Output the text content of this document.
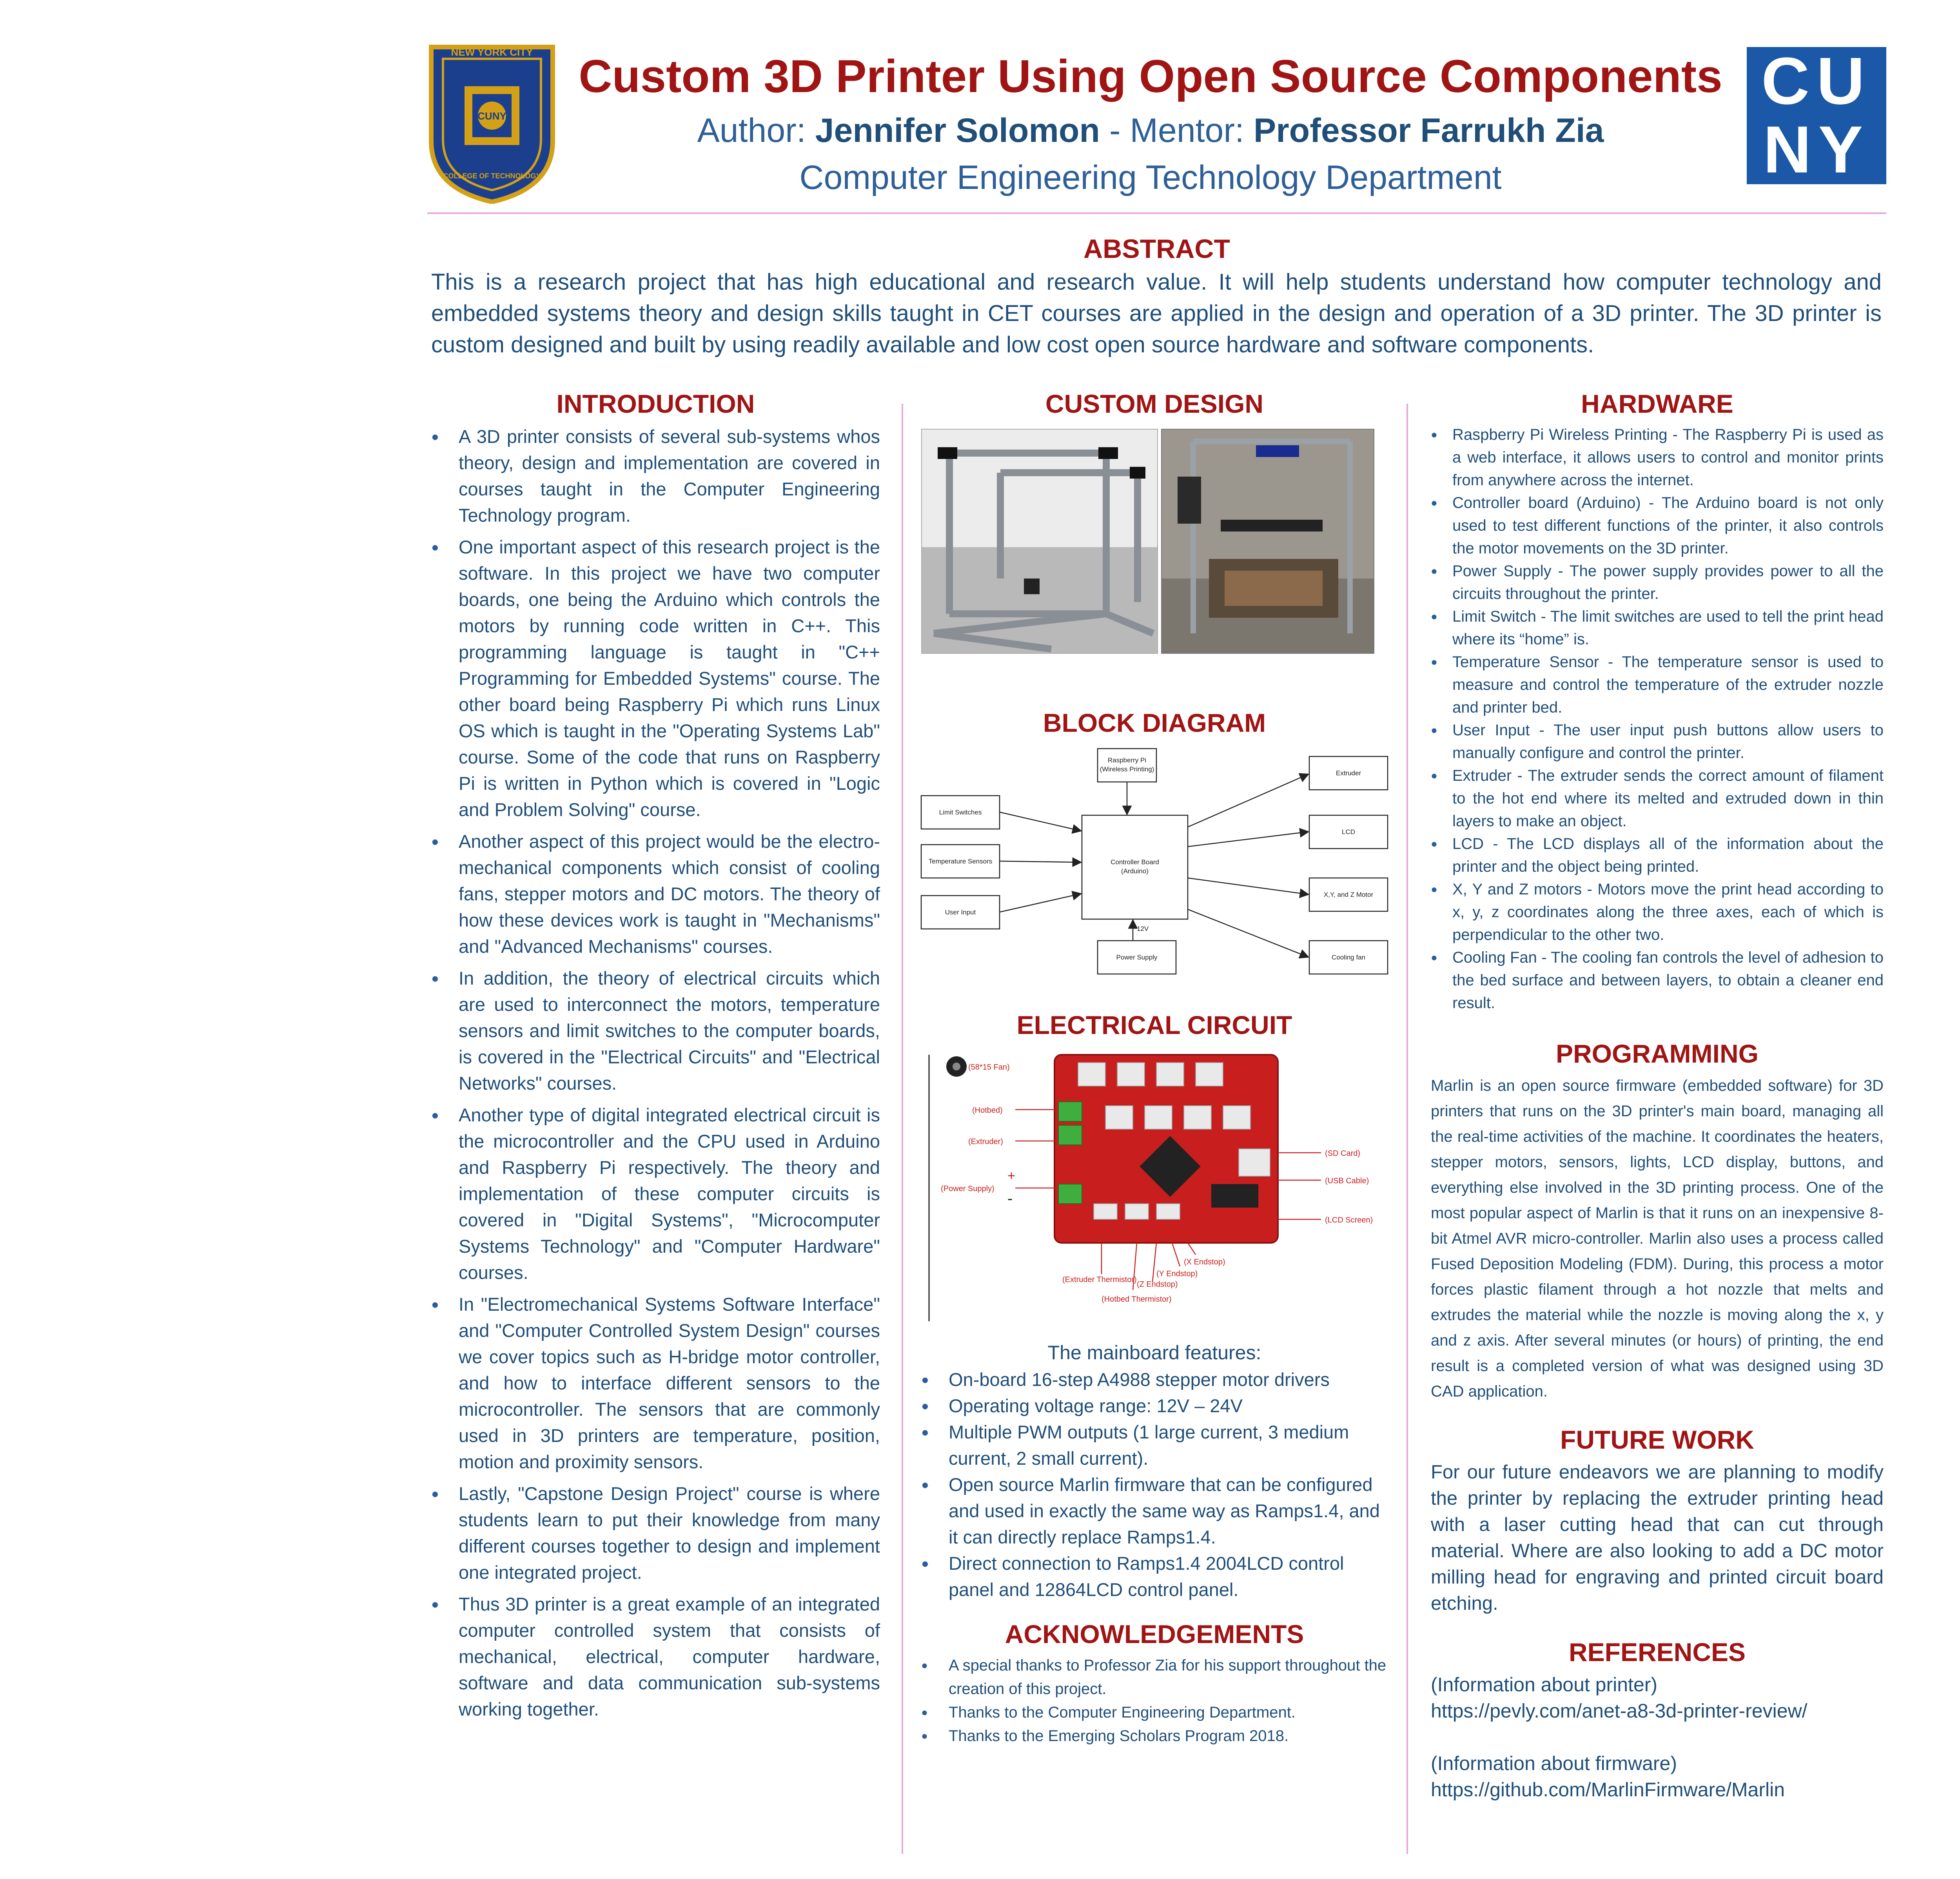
CUNY
NEW YORK CITY
COLLEGE OF TECHNOLOGY
CU
NY
Custom 3D Printer Using Open Source Components
Author: Jennifer Solomon - Mentor: Professor Farrukh Zia
Computer Engineering Technology Department
ABSTRACT
This is a research project that has high educational and research value. It will help students understand how computer technology and embedded systems theory and design skills taught in CET courses are applied in the design and operation of a 3D printer. The 3D printer is custom designed and built by using readily available and low cost open source hardware and software components.
INTRODUCTION
● A 3D printer consists of several sub-systems whos theory, design and implementation are covered in courses taught in the Computer Engineering Technology program.
● One important aspect of this research project is the software. In this project we have two computer boards, one being the Arduino which controls the motors by running code written in C++. This programming language is taught in "C++ Programming for Embedded Systems" course. The other board being Raspberry Pi which runs Linux OS which is taught in the "Operating Systems Lab" course. Some of the code that runs on Raspberry Pi is written in Python which is covered in "Logic and Problem Solving" course.
● Another aspect of this project would be the electro-mechanical components which consist of cooling fans, stepper motors and DC motors. The theory of how these devices work is taught in "Mechanisms" and "Advanced Mechanisms" courses.
● In addition, the theory of electrical circuits which are used to interconnect the motors, temperature sensors and limit switches to the computer boards, is covered in the "Electrical Circuits" and "Electrical Networks" courses.
● Another type of digital integrated electrical circuit is the microcontroller and the CPU used in Arduino and Raspberry Pi respectively. The theory and implementation of these computer circuits is covered in "Digital Systems", "Microcomputer Systems Technology" and "Computer Hardware" courses.
● In "Electromechanical Systems Software Interface" and "Computer Controlled System Design" courses we cover topics such as H-bridge motor controller, and how to interface different sensors to the microcontroller. The sensors that are commonly used in 3D printers are temperature, position, motion and proximity sensors.
● Lastly, "Capstone Design Project" course is where students learn to put their knowledge from many different courses together to design and implement one integrated project.
● Thus 3D printer is a great example of an integrated computer controlled system that consists of mechanical, electrical, computer hardware, software and data communication sub-systems working together.
CUSTOM DESIGN
BLOCK DIAGRAM
Raspberry Pi
(Wireless Printing)
Limit Switches
Temperature Sensors
User Input
Controller Board
(Arduino)
12V
Power Supply
Extruder
LCD
X,Y, and Z Motor
Cooling fan
ELECTRICAL CIRCUIT
(58*15 Fan)
(Hotbed)
(Extruder)
+
(Power Supply)
-
(SD Card)
(USB Cable)
(LCD Screen)
(Extruder Thermistor)
(X Endstop)
(Y Endstop)
(Z Endstop)
(Hotbed Thermistor)
The mainboard features:
● On-board 16-step A4988 stepper motor drivers
● Operating voltage range: 12V – 24V
● Multiple PWM outputs (1 large current, 3 medium current, 2 small current).
● Open source Marlin firmware that can be configured and used in exactly the same way as Ramps1.4, and it can directly replace Ramps1.4.
● Direct connection to Ramps1.4 2004LCD control panel and 12864LCD control panel.
ACKNOWLEDGEMENTS
● A special thanks to Professor Zia for his support throughout the creation of this project.
● Thanks to the Computer Engineering Department.
● Thanks to the Emerging Scholars Program 2018.
HARDWARE
● Raspberry Pi Wireless Printing - The Raspberry Pi is used as a web interface, it allows users to control and monitor prints from anywhere across the internet.
● Controller board (Arduino) - The Arduino board is not only used to test different functions of the printer, it also controls the motor movements on the 3D printer.
● Power Supply - The power supply provides power to all the circuits throughout the printer.
● Limit Switch - The limit switches are used to tell the print head where its “home” is.
● Temperature Sensor - The temperature sensor is used to measure and control the temperature of the extruder nozzle and printer bed.
● User Input - The user input push buttons allow users to manually configure and control the printer.
● Extruder - The extruder sends the correct amount of filament to the hot end where its melted and extruded down in thin layers to make an object.
● LCD - The LCD displays all of the information about the printer and the object being printed.
● X, Y and Z motors - Motors move the print head according to x, y, z coordinates along the three axes, each of which is perpendicular to the other two.
● Cooling Fan - The cooling fan controls the level of adhesion to the bed surface and between layers, to obtain a cleaner end result.
PROGRAMMING
Marlin is an open source firmware (embedded software) for 3D printers that runs on the 3D printer's main board, managing all the real-time activities of the machine. It coordinates the heaters, stepper motors, sensors, lights, LCD display, buttons, and everything else involved in the 3D printing process. One of the most popular aspect of Marlin is that it runs on an inexpensive 8-bit Atmel AVR micro-controller. Marlin also uses a process called Fused Deposition Modeling (FDM). During, this process a motor forces plastic filament through a hot nozzle that melts and extrudes the material while the nozzle is moving along the x, y and z axis. After several minutes (or hours) of printing, the end result is a completed version of what was designed using 3D CAD application.
FUTURE WORK
For our future endeavors we are planning to modify the printer by replacing the extruder printing head with a laser cutting head that can cut through material. Where are also looking to add a DC motor milling head for engraving and printed circuit board etching.
REFERENCES
(Information about printer)
https://pevly.com/anet-a8-3d-printer-review/
(Information about firmware)
https://github.com/MarlinFirmware/Marlin
